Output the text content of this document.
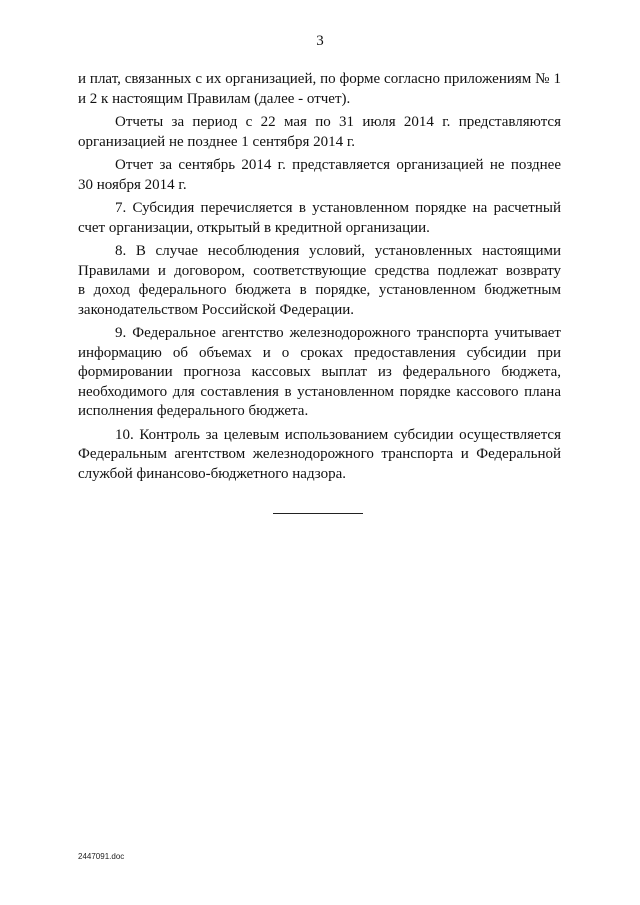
3
и плат, связанных с их организацией, по форме согласно приложениям № 1
и 2 к настоящим Правилам (далее - отчет).
Отчеты за период с 22 мая по 31 июля 2014 г. представляются
организацией не позднее 1 сентября 2014 г.
Отчет за сентябрь 2014 г. представляется организацией не позднее
30 ноября 2014 г.
7. Субсидия перечисляется в установленном порядке на расчетный
счет организации, открытый в кредитной организации.
8. В случае несоблюдения условий, установленных настоящими
Правилами и договором, соответствующие средства подлежат возврату
в доход федерального бюджета в порядке, установленном бюджетным
законодательством Российской Федерации.
9. Федеральное агентство железнодорожного транспорта учитывает
информацию об объемах и о сроках предоставления субсидии при
формировании прогноза кассовых выплат из федерального бюджета,
необходимого для составления в установленном порядке кассового плана
исполнения федерального бюджета.
10. Контроль за целевым использованием субсидии осуществляется
Федеральным агентством железнодорожного транспорта и Федеральной
службой финансово-бюджетного надзора.
2447091.doc
